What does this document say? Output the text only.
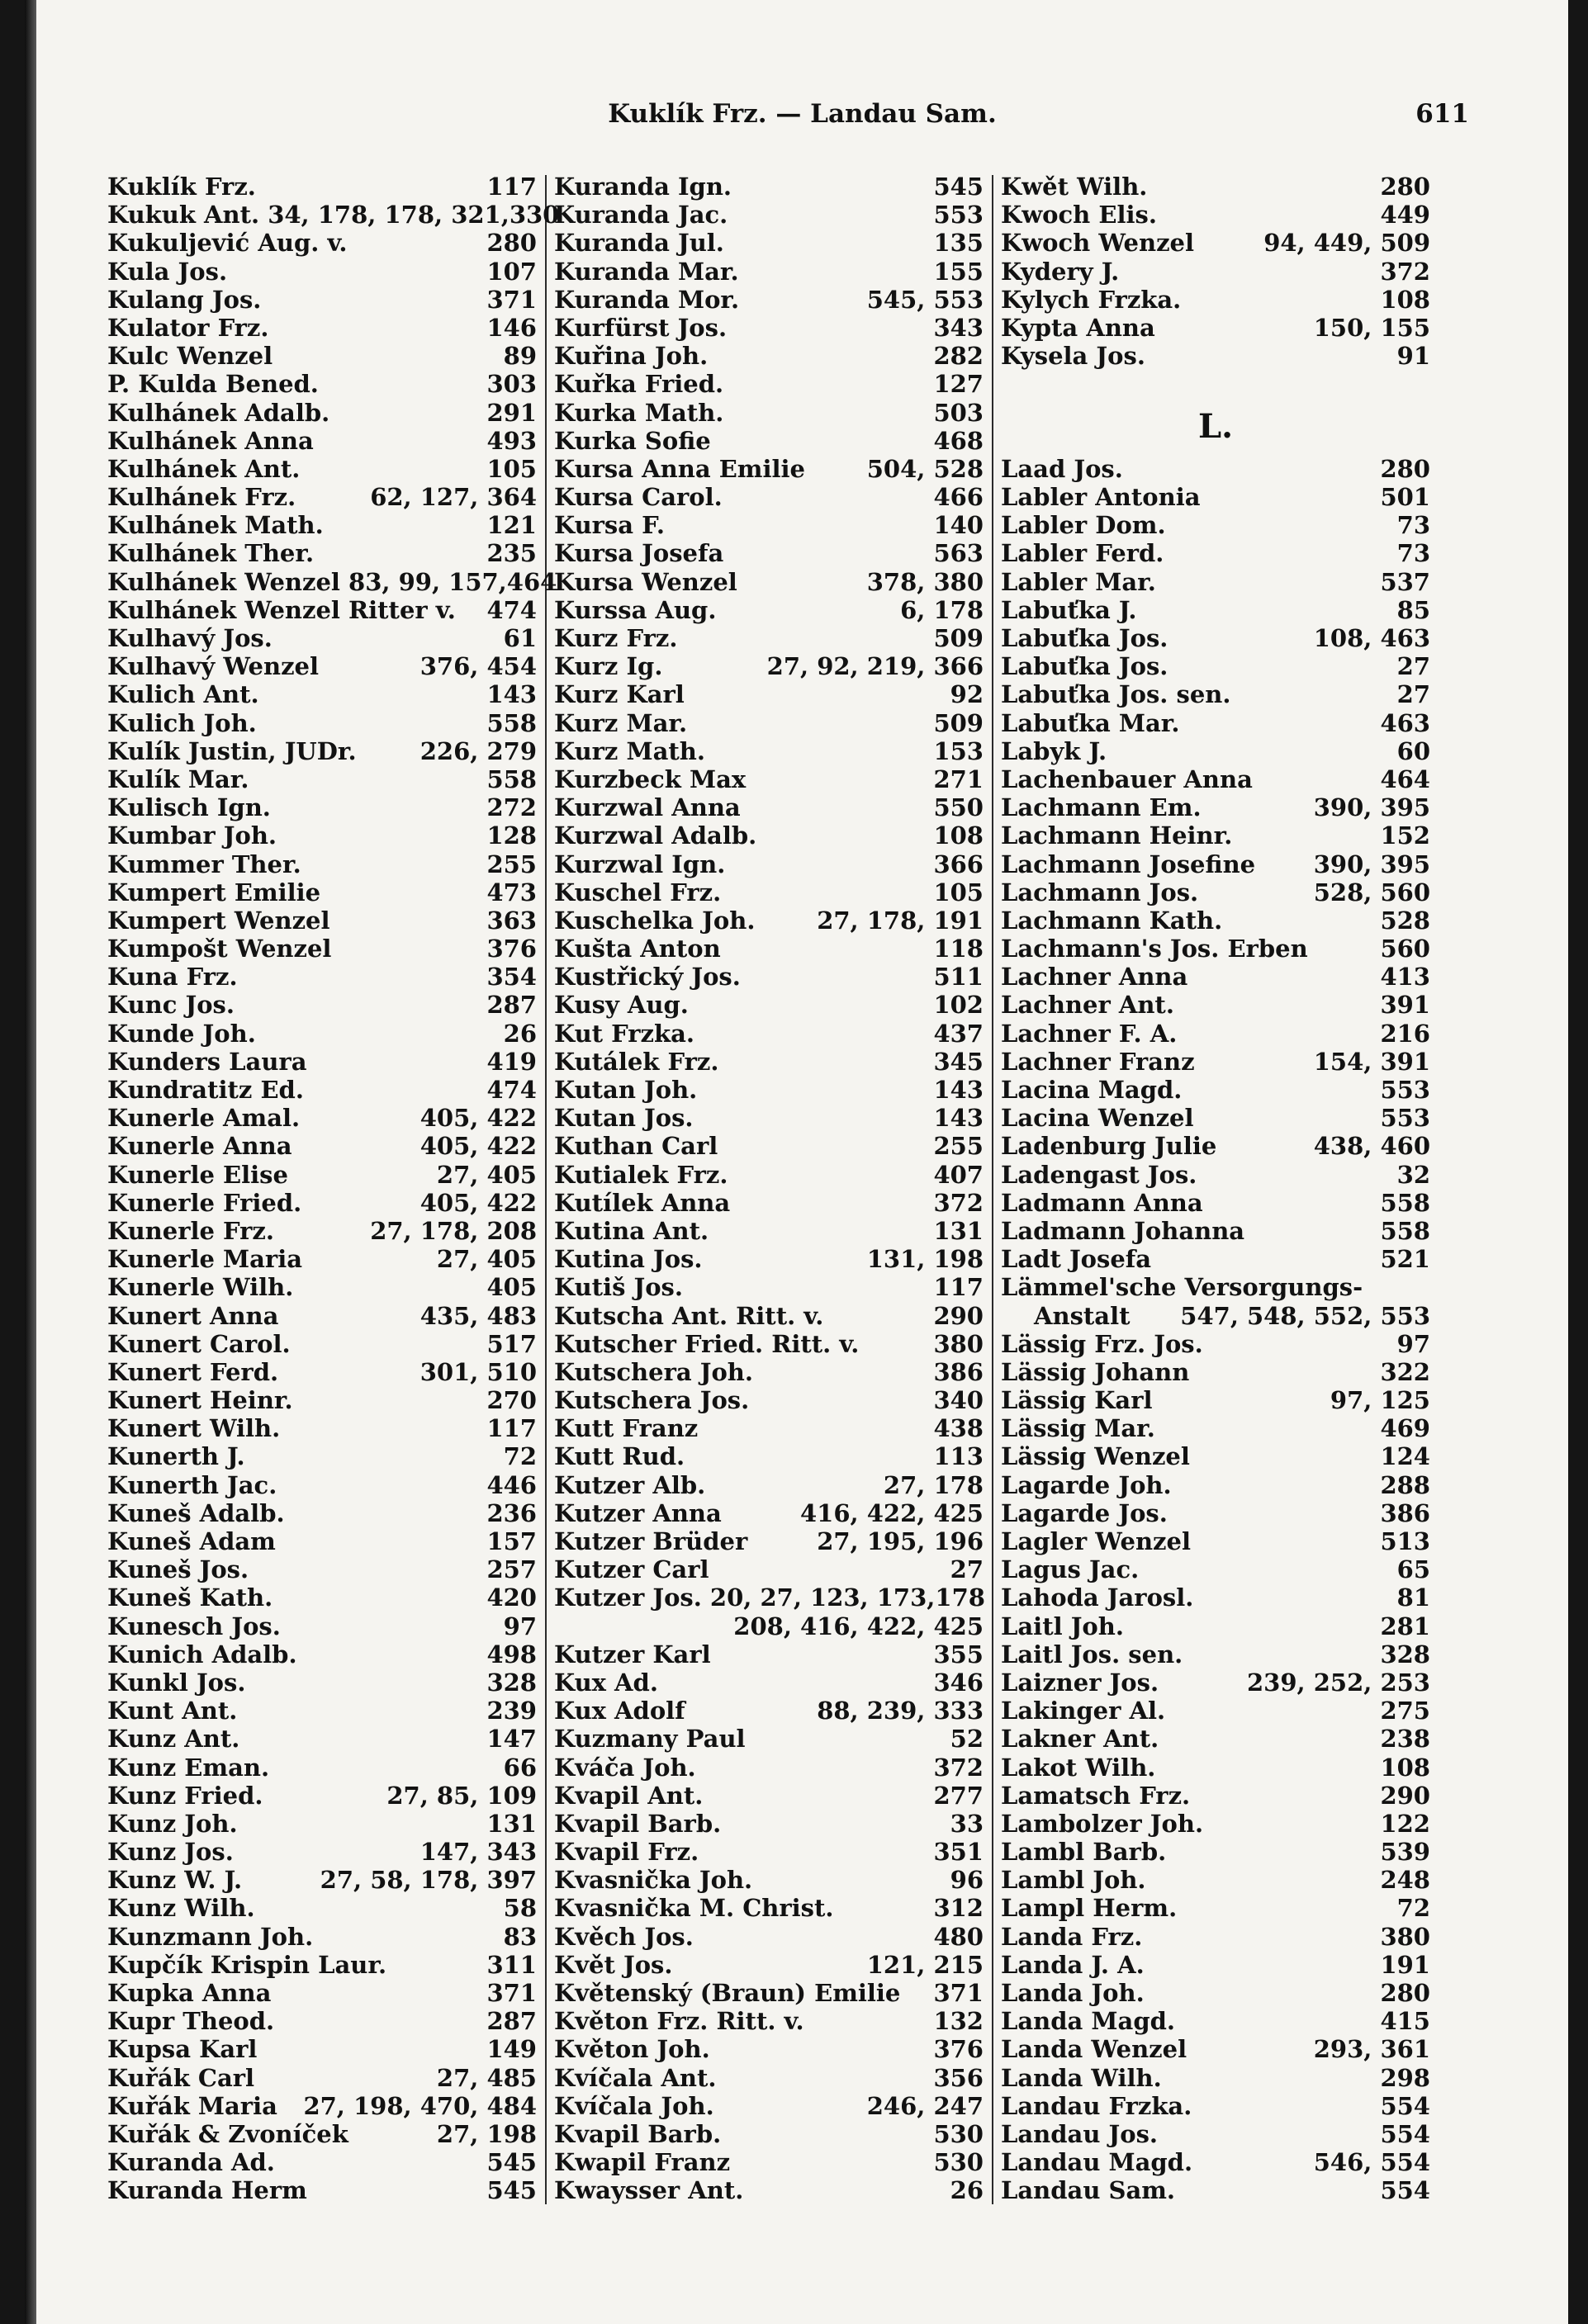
Kuklík Frz. — Landau Sam.	611
Kuklík Frz.	117
Kukuk Ant. 34, 178, 178, 321, 330
Kukuljević Aug. v.	280
Kula Jos.	107
Kulang Jos.	371
Kulator Frz.	146
Kulc Wenzel	89
P. Kulda Bened.	303
Kulhánek Adalb.	291
Kulhánek Anna	493
Kulhánek Ant.	105
Kulhánek Frz.	62, 127, 364
Kulhánek Math.	121
Kulhánek Ther.	235
Kulhánek Wenzel 83, 99, 157, 464
Kulhánek Wenzel Ritter v. 474
Kulhavý Jos.	61
Kulhavý Wenzel	376, 454
Kulich Ant.	143
Kulich Joh.	558
Kulík Justin, JUDr.	226, 279
Kulík Mar.	558
Kulisch Ign.	272
Kumbar Joh.	128
Kummer Ther.	255
Kumpert Emilie	473
Kumpert Wenzel	363
Kumpošt Wenzel	376
Kuna Frz.	354
Kunc Jos.	287
Kunde Joh.	26
Kunders Laura	419
Kundratitz Ed.	474
Kunerle Amal.	405, 422
Kunerle Anna	405, 422
Kunerle Elise	27, 405
Kunerle Fried.	405, 422
Kunerle Frz.	27, 178, 208
Kunerle Maria	27, 405
Kunerle Wilh.	405
Kunert Anna	435, 483
Kunert Carol.	517
Kunert Ferd.	301, 510
Kunert Heinr.	270
Kunert Wilh.	117
Kunerth J.	72
Kunerth Jac.	446
Kuneš Adalb.	236
Kuneš Adam	157
Kuneš Jos.	257
Kuneš Kath.	420
Kunesch Jos.	97
Kunich Adalb.	498
Kunkl Jos.	328
Kunt Ant.	239
Kunz Ant.	147
Kunz Eman.	66
Kunz Fried.	27, 85, 109
Kunz Joh.	131
Kunz Jos.	147, 343
Kunz W. J.	27, 58, 178, 397
Kunz Wilh.	58
Kunzmann Joh.	83
Kupčík Krispin Laur.	311
Kupka Anna	371
Kupr Theod.	287
Kupsa Karl	149
Kuřák Carl	27, 485
Kuřák Maria 27, 198, 470, 484
Kuřák & Zvoníček	27, 198
Kuranda Ad.	545
Kuranda Herm	545
Kuranda Ign.	545
Kuranda Jac.	553
Kuranda Jul.	135
Kuranda Mar.	155
Kuranda Mor.	545, 553
Kurfürst Jos.	343
Kuřina Joh.	282
Kuřka Fried.	127
Kurka Math.	503
Kurka Sofie	468
Kursa Anna Emilie	504, 528
Kursa Carol.	466
Kursa F.	140
Kursa Josefa	563
Kursa Wenzel	378, 380
Kurssa Aug.	6, 178
Kurz Frz.	509
Kurz Ig.	27, 92, 219, 366
Kurz Karl	92
Kurz Mar.	509
Kurz Math.	153
Kurzbeck Max	271
Kurzwal Anna	550
Kurzwal Adalb.	108
Kurzwal Ign.	366
Kuschel Frz.	105
Kuschelka Joh.	27, 178, 191
Kušta Anton	118
Kustřický Jos.	511
Kusy Aug.	102
Kut Frzka.	437
Kutálek Frz.	345
Kutan Joh.	143
Kutan Jos.	143
Kuthan Carl	255
Kutialek Frz.	407
Kutílek Anna	372
Kutina Ant.	131
Kutina Jos.	131, 198
Kutiš Jos.	117
Kutscha Ant. Ritt. v.	290
Kutscher Fried. Ritt. v.	380
Kutschera Joh.	386
Kutschera Jos.	340
Kutt Franz	438
Kutt Rud.	113
Kutzer Alb.	27, 178
Kutzer Anna	416, 422, 425
Kutzer Brüder	27, 195, 196
Kutzer Carl	27
Kutzer Jos. 20, 27, 123, 173, 178
208, 416, 422, 425
Kutzer Karl	355
Kux Ad.	346
Kux Adolf	88, 239, 333
Kuzmany Paul	52
Kváča Joh.	372
Kvapil Ant.	277
Kvapil Barb.	33
Kvapil Frz.	351
Kvasnička Joh.	96
Kvasnička M. Christ.	312
Kvěch Jos.	480
Květ Jos.	121, 215
Květenský (Braun) Emilie 371
Květon Frz. Ritt. v.	132
Květon Joh.	376
Kvíčala Ant.	356
Kvíčala Joh.	246, 247
Kvapil Barb.	530
Kwapil Franz	530
Kwaysser Ant.	26
Kwět Wilh.	280
Kwoch Elis.	449
Kwoch Wenzel	94, 449, 509
Kydery J.	372
Kylych Frzka.	108
Kypta Anna	150, 155
Kysela Jos.	91
L.
Laad Jos.	280
Labler Antonia	501
Labler Dom.	73
Labler Ferd.	73
Labler Mar.	537
Labuťka J.	85
Labuťka Jos.	108, 463
Labuťka Jos.	27
Labuťka Jos. sen.	27
Labuťka Mar.	463
Labyk J.	60
Lachenbauer Anna	464
Lachmann Em.	390, 395
Lachmann Heinr.	152
Lachmann Josefine 390, 395
Lachmann Jos.	528, 560
Lachmann Kath.	528
Lachmann's Jos. Erben	560
Lachner Anna	413
Lachner Ant.	391
Lachner F. A.	216
Lachner Franz	154, 391
Lacina Magd.	553
Lacina Wenzel	553
Ladenburg Julie	438, 460
Ladengast Jos.	32
Ladmann Anna	558
Ladmann Johanna	558
Ladt Josefa	521
Lämmel'sche Versorgungs-
Anstalt 547, 548, 552, 553
Lässig Frz. Jos.	97
Lässig Johann	322
Lässig Karl	97, 125
Lässig Mar.	469
Lässig Wenzel	124
Lagarde Joh.	288
Lagarde Jos.	386
Lagler Wenzel	513
Lagus Jac.	65
Lahoda Jarosl.	81
Laitl Joh.	281
Laitl Jos. sen.	328
Laizner Jos.	239, 252, 253
Lakinger Al.	275
Lakner Ant.	238
Lakot Wilh.	108
Lamatsch Frz.	290
Lambolzer Joh.	122
Lambl Barb.	539
Lambl Joh.	248
Lampl Herm.	72
Landa Frz.	380
Landa J. A.	191
Landa Joh.	280
Landa Magd.	415
Landa Wenzel	293, 361
Landa Wilh.	298
Landau Frzka.	554
Landau Jos.	554
Landau Magd.	546, 554
Landau Sam.	554
